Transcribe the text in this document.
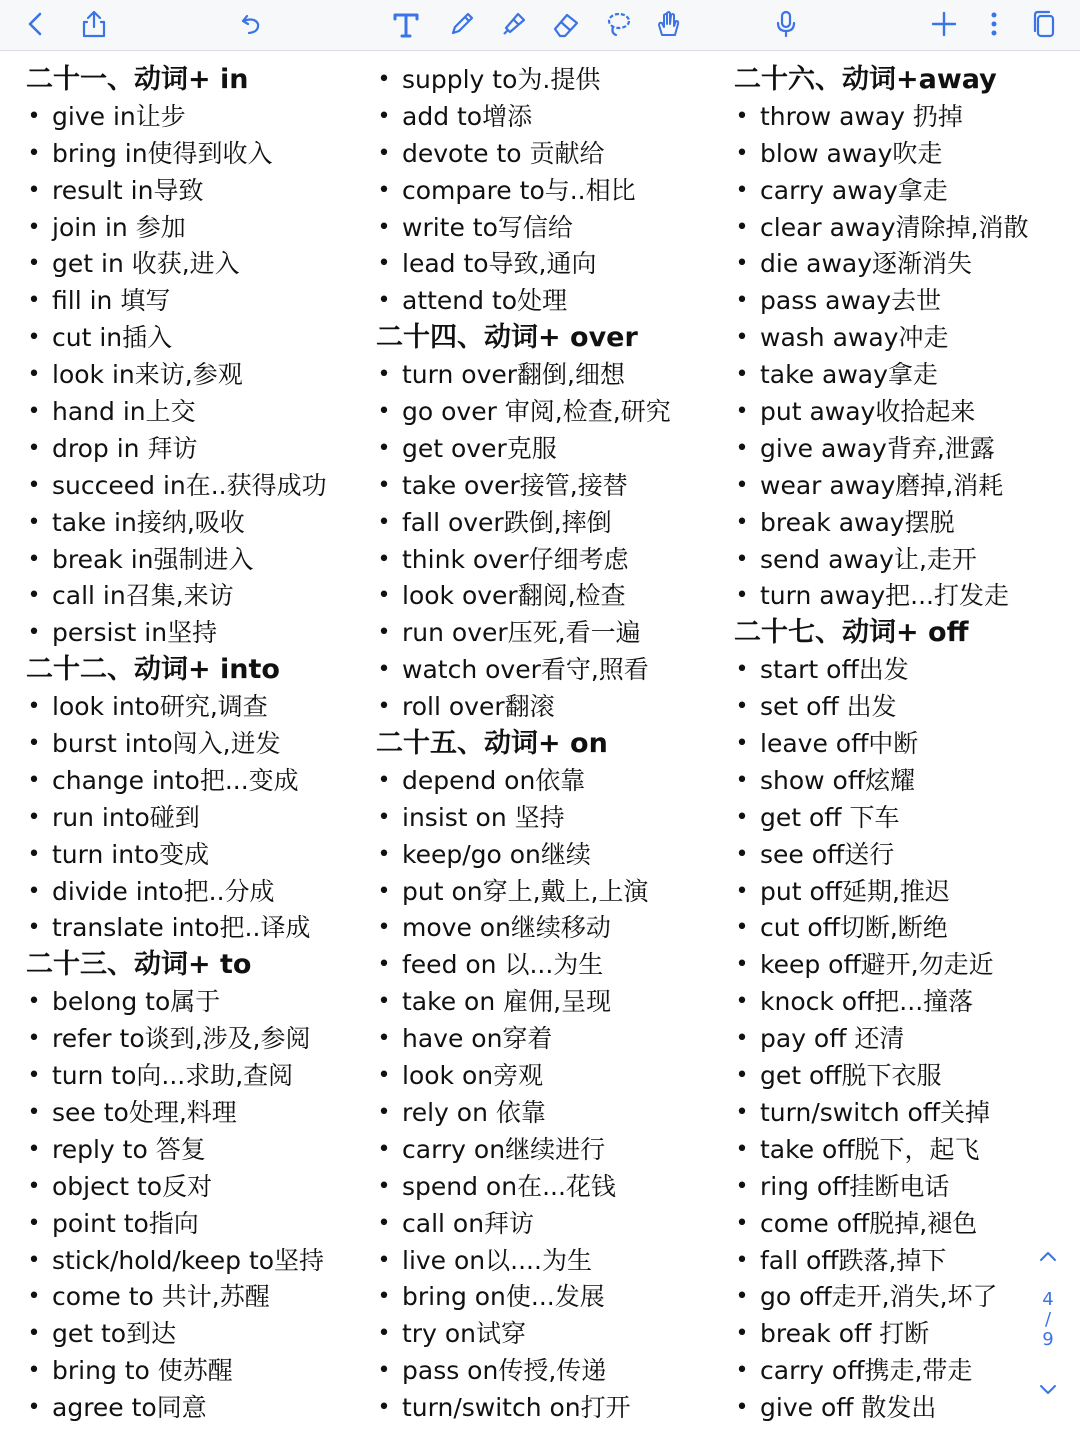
二十一、动词+ in
• give in让步
• bring in使得到收入
• result in导致
• join in 参加
• get in 收获,进入
• fill in 填写
• cut in插入
• look in来访,参观
• hand in上交
• drop in 拜访
• succeed in在..获得成功
• take in接纳,吸收
• break in强制进入
• call in召集,来访
• persist in坚持
二十二、动词+ into
• look into研究,调查
• burst into闯入,迸发
• change into把...变成
• run into碰到
• turn into变成
• divide into把..分成
• translate into把..译成
二十三、动词+ to
• belong to属于
• refer to谈到,涉及,参阅
• turn to向...求助,查阅
• see to处理,料理
• reply to 答复
• object to反对
• point to指向
• stick/hold/keep to坚持
• come to 共计,苏醒
• get to到达
• bring to 使苏醒
• agree to同意
• supply to为.提供
• add to增添
• devote to 贡献给
• compare to与..相比
• write to写信给
• lead to导致,通向
• attend to处理
二十四、动词+ over
• turn over翻倒,细想
• go over 审阅,检查,研究
• get over克服
• take over接管,接替
• fall over跌倒,摔倒
• think over仔细考虑
• look over翻阅,检查
• run over压死,看一遍
• watch over看守,照看
• roll over翻滚
二十五、动词+ on
• depend on依靠
• insist on 坚持
• keep/go on继续
• put on穿上,戴上,上演
• move on继续移动
• feed on 以...为生
• take on 雇佣,呈现
• have on穿着
• look on旁观
• rely on 依靠
• carry on继续进行
• spend on在...花钱
• call on拜访
• live on以....为生
• bring on使...发展
• try on试穿
• pass on传授,传递
• turn/switch on打开
二十六、动词+away
• throw away 扔掉
• blow away吹走
• carry away拿走
• clear away清除掉,消散
• die away逐渐消失
• pass away去世
• wash away冲走
• take away拿走
• put away收拾起来
• give away背弃,泄露
• wear away磨掉,消耗
• break away摆脱
• send away让,走开
• turn away把...打发走
二十七、动词+ off
• start off出发
• set off 出发
• leave off中断
• show off炫耀
• get off 下车
• see off送行
• put off延期,推迟
• cut off切断,断绝
• keep off避开,勿走近
• knock off把...撞落
• pay off 还清
• get off脱下衣服
• turn/switch off关掉
• take off脱下，起飞
• ring off挂断电话
• come off脱掉,褪色
• fall off跌落,掉下
• go off走开,消失,坏了
• break off 打断
• carry off携走,带走
• give off 散发出
4
/
9
